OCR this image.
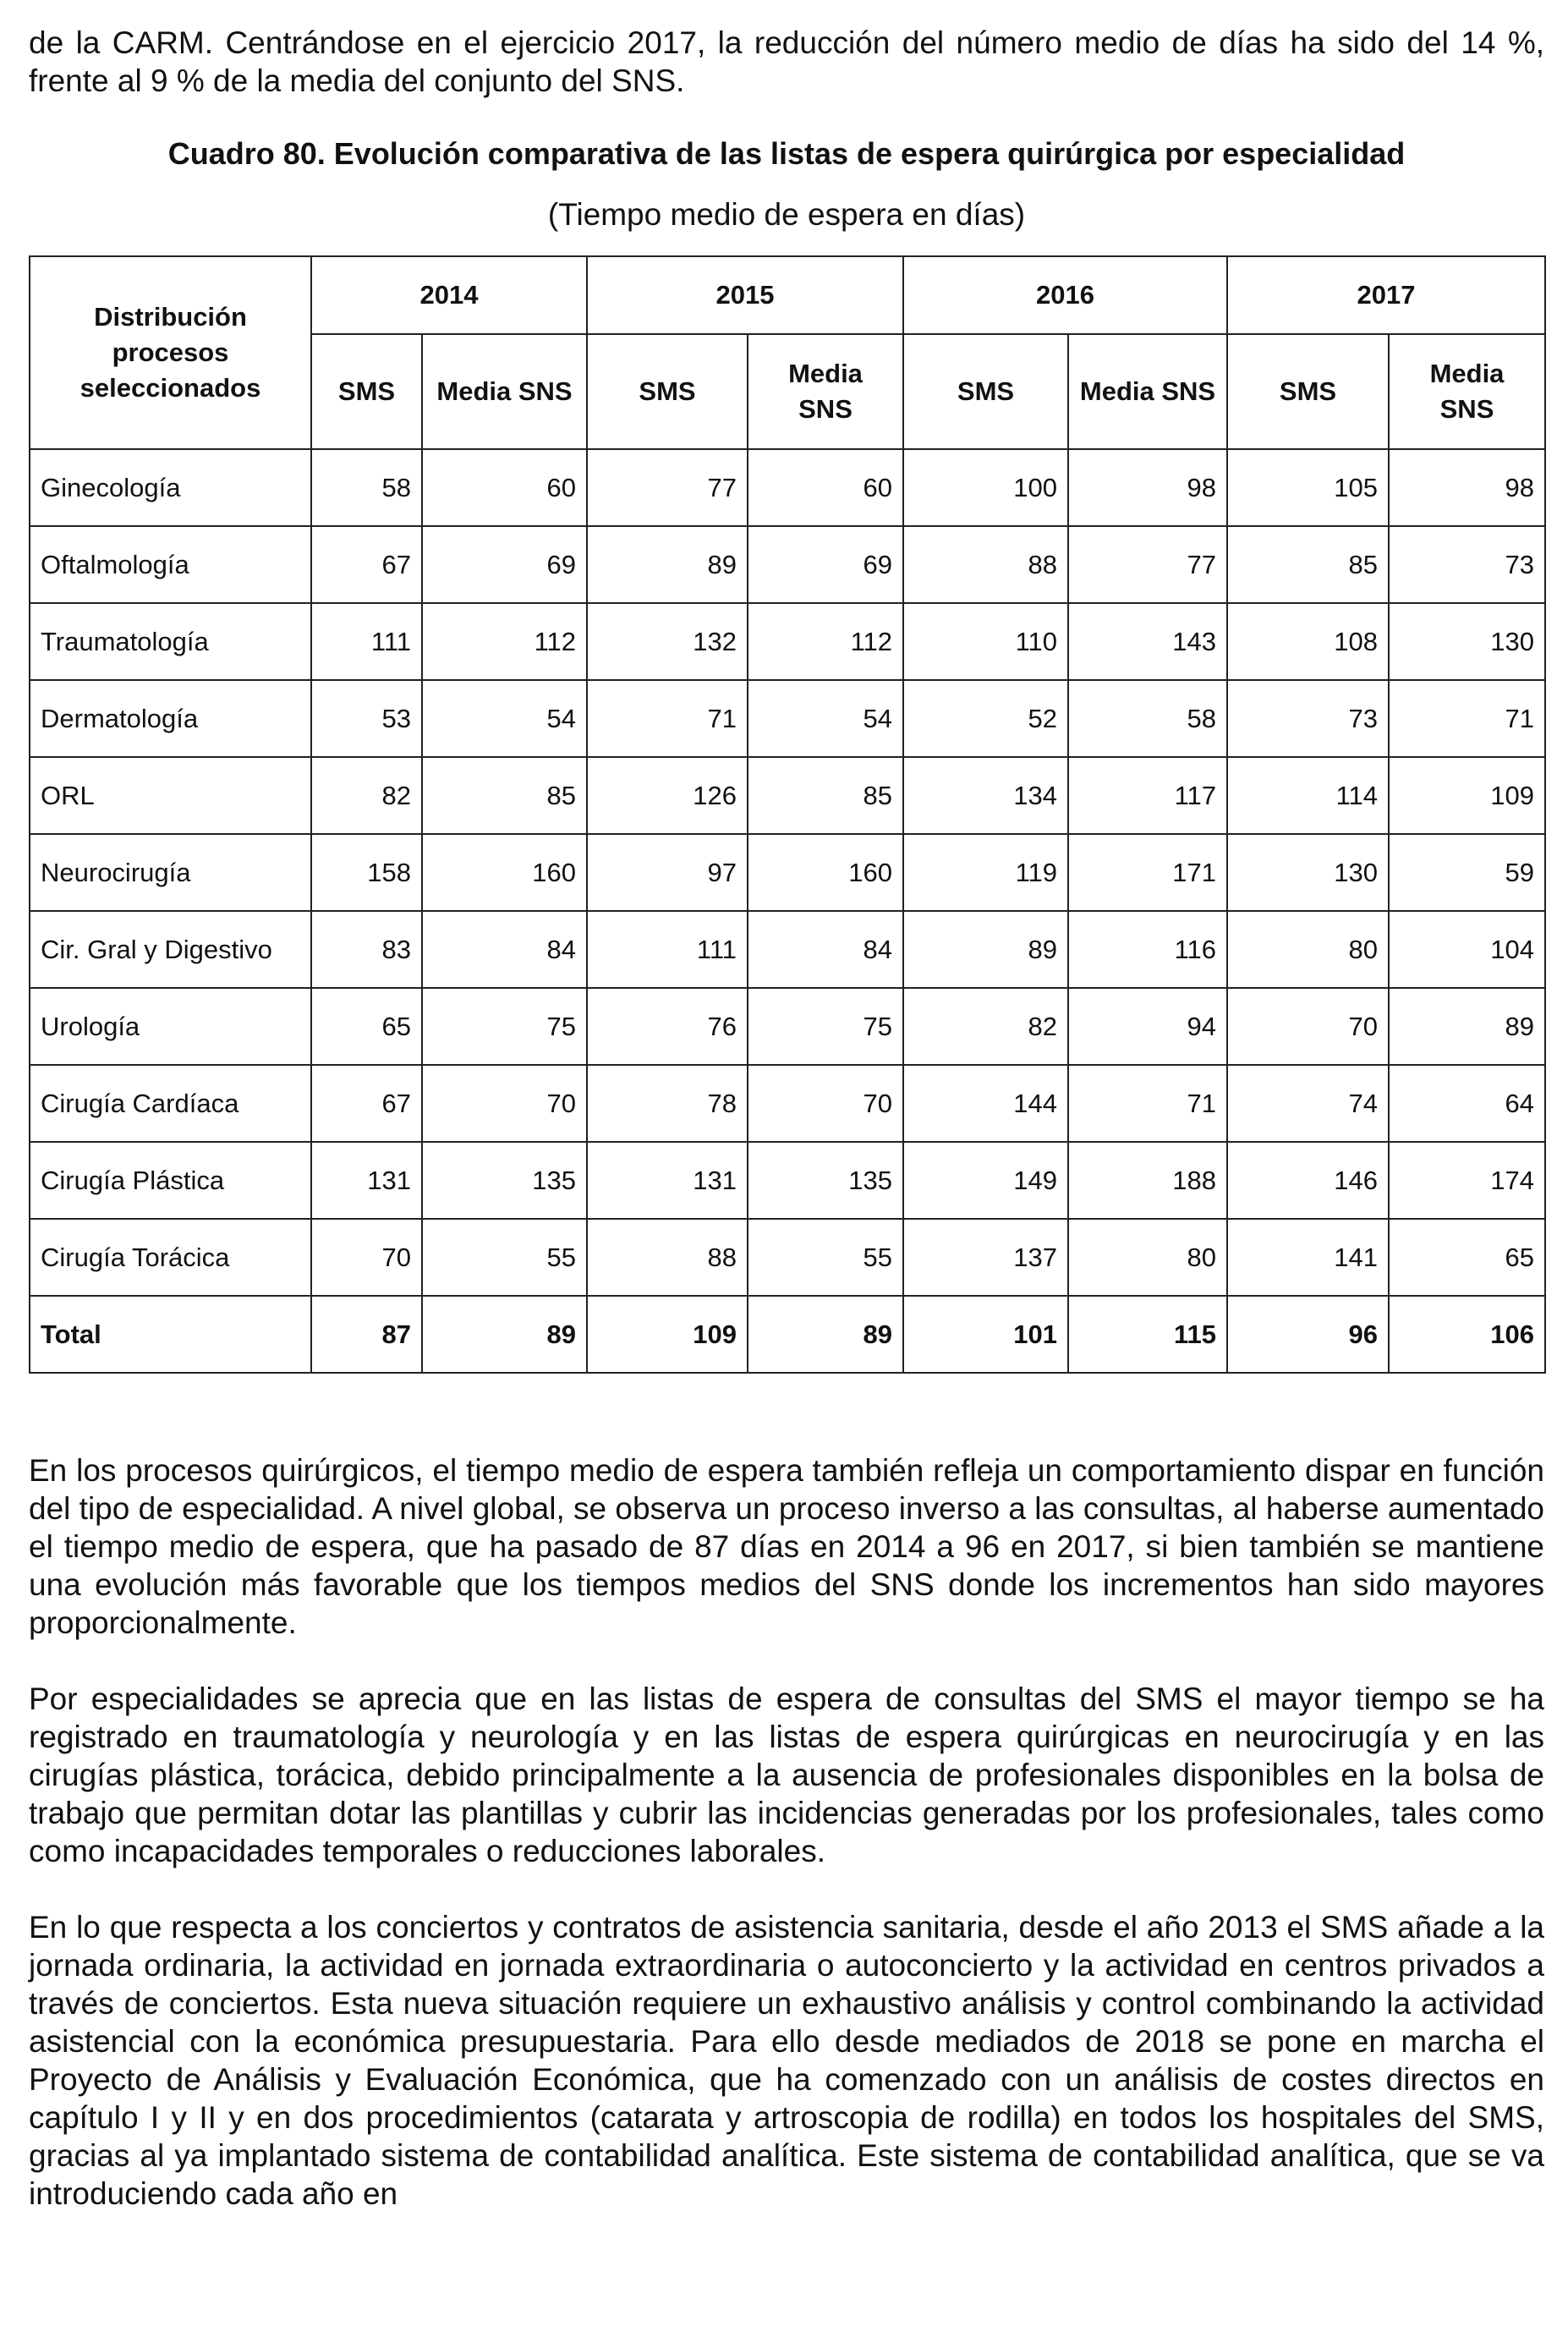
de la CARM. Centrándose en el ejercicio 2017, la reducción del número medio de días ha sido del 14 %, frente al 9 % de la media del conjunto del SNS.

Cuadro 80. Evolución comparativa de las listas de espera quirúrgica por especialidad
(Tiempo medio de espera en días)
Distribución procesos seleccionados	2014		2015		2016		2017	
	SMS	Media SNS	SMS	Media SNS	SMS	Media SNS	SMS	Media SNS
Ginecología	58	60	77	60	100	98	105	98
Oftalmología	67	69	89	69	88	77	85	73
Traumatología	111	112	132	112	110	143	108	130
Dermatología	53	54	71	54	52	58	73	71
ORL	82	85	126	85	134	117	114	109
Neurocirugía	158	160	97	160	119	171	130	59
Cir. Gral y Digestivo	83	84	111	84	89	116	80	104
Urología	65	75	76	75	82	94	70	89
Cirugía Cardíaca	67	70	78	70	144	71	74	64
Cirugía Plástica	131	135	131	135	149	188	146	174
Cirugía Torácica	70	55	88	55	137	80	141	65
Total	87	89	109	89	101	115	96	106

En los procesos quirúrgicos, el tiempo medio de espera también refleja un comportamiento dispar en función del tipo de especialidad. A nivel global, se observa un proceso inverso a las consultas, al haberse aumentado el tiempo medio de espera, que ha pasado de 87 días en 2014 a 96 en 2017, si bien también se mantiene una evolución más favorable que los tiempos medios del SNS donde los incrementos han sido mayores proporcionalmente.

Por especialidades se aprecia que en las listas de espera de consultas del SMS el mayor tiempo se ha registrado en traumatología y neurología y en las listas de espera quirúrgicas en neurocirugía y en las cirugías plástica, torácica, debido principalmente a la ausencia de profesionales disponibles en la bolsa de trabajo que permitan dotar las plantillas y cubrir las incidencias generadas por los profesionales, tales como como incapacidades temporales o reducciones laborales.

En lo que respecta a los conciertos y contratos de asistencia sanitaria, desde el año 2013 el SMS añade a la jornada ordinaria, la actividad en jornada extraordinaria o autoconcierto y la actividad en centros privados a través de conciertos. Esta nueva situación requiere un exhaustivo análisis y control combinando la actividad asistencial con la económica presupuestaria. Para ello desde mediados de 2018 se pone en marcha el Proyecto de Análisis y Evaluación Económica, que ha comenzado con un análisis de costes directos en capítulo I y II y en dos procedimientos (catarata y artroscopia de rodilla) en todos los hospitales del SMS, gracias al ya implantado sistema de contabilidad analítica. Este sistema de contabilidad analítica, que se va introduciendo cada año en
